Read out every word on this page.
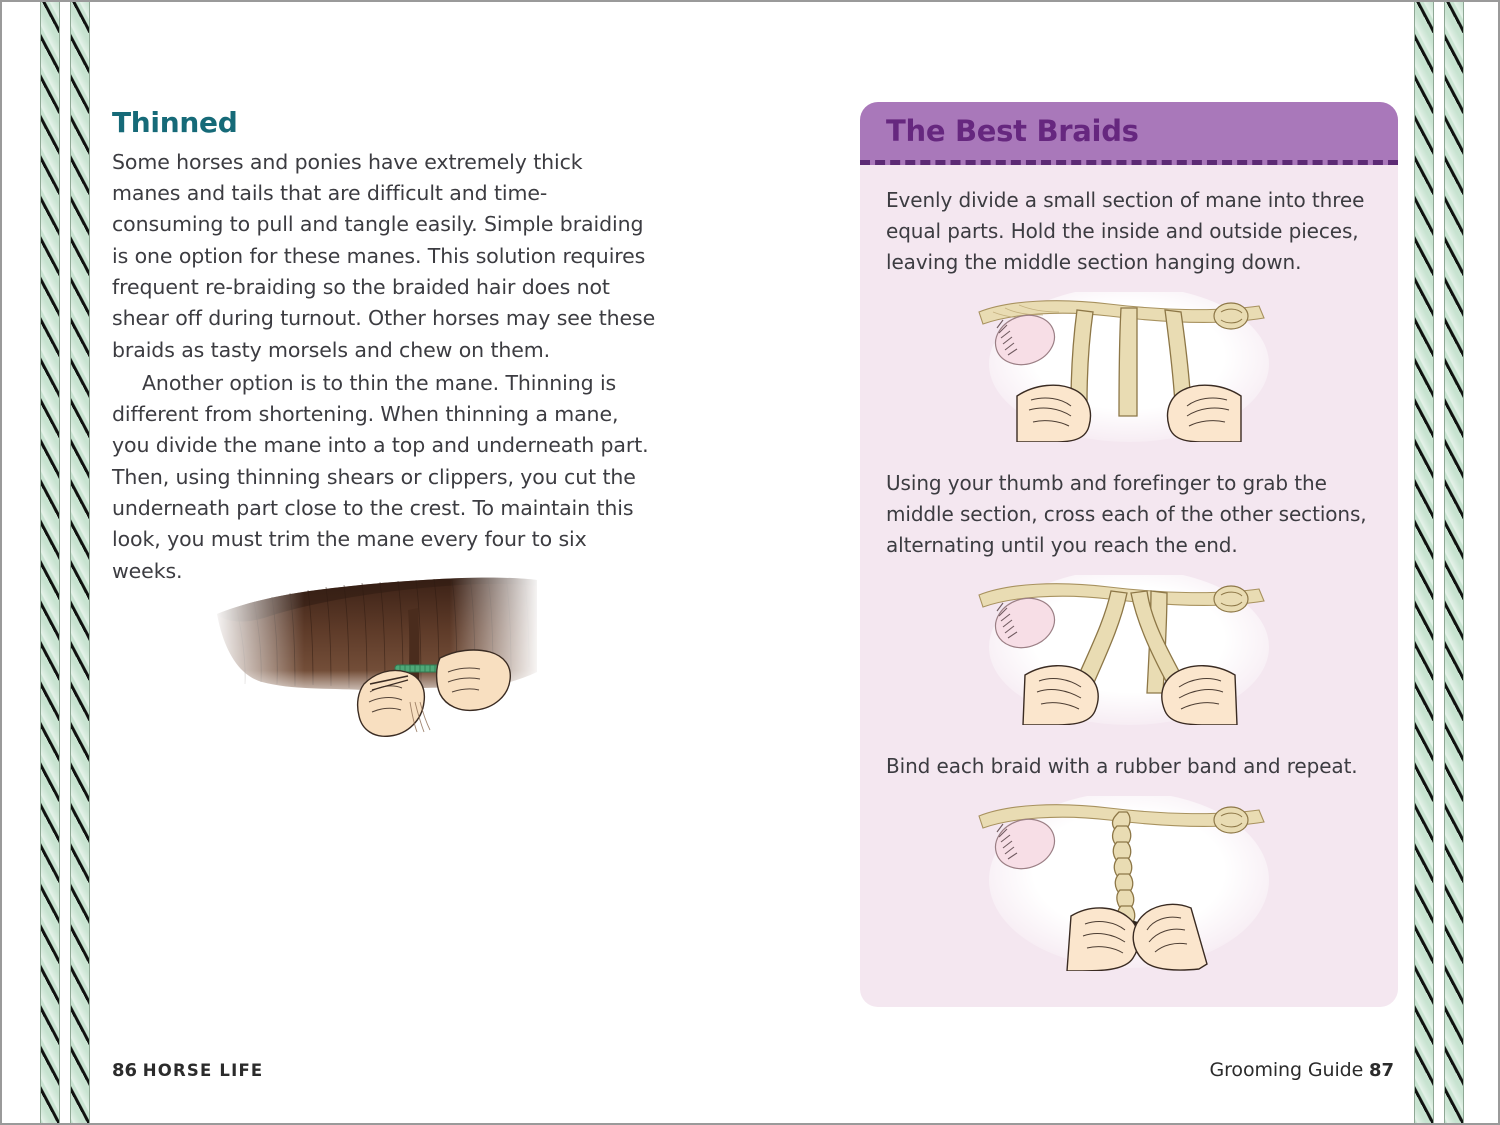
Thinned

Some horses and ponies have extremely thick manes and tails that are difficult and time-consuming to pull and tangle easily. Simple braiding is one option for these manes. This solution requires frequent re-braiding so the braided hair does not shear off during turnout. Other horses may see these braids as tasty morsels and chew on them.

Another option is to thin the mane. Thinning is different from shortening. When thinning a mane, you divide the mane into a top and underneath part. Then, using thinning shears or clippers, you cut the underneath part close to the crest. To maintain this look, you must trim the mane every four to six weeks.

86 HORSE LIFE
The Best Braids

Evenly divide a small section of mane into three equal parts. Hold the inside and outside pieces, leaving the middle section hanging down.

Using your thumb and forefinger to grab the middle section, cross each of the other sections, alternating until you reach the end.

Bind each braid with a rubber band and repeat.

Grooming Guide 87
